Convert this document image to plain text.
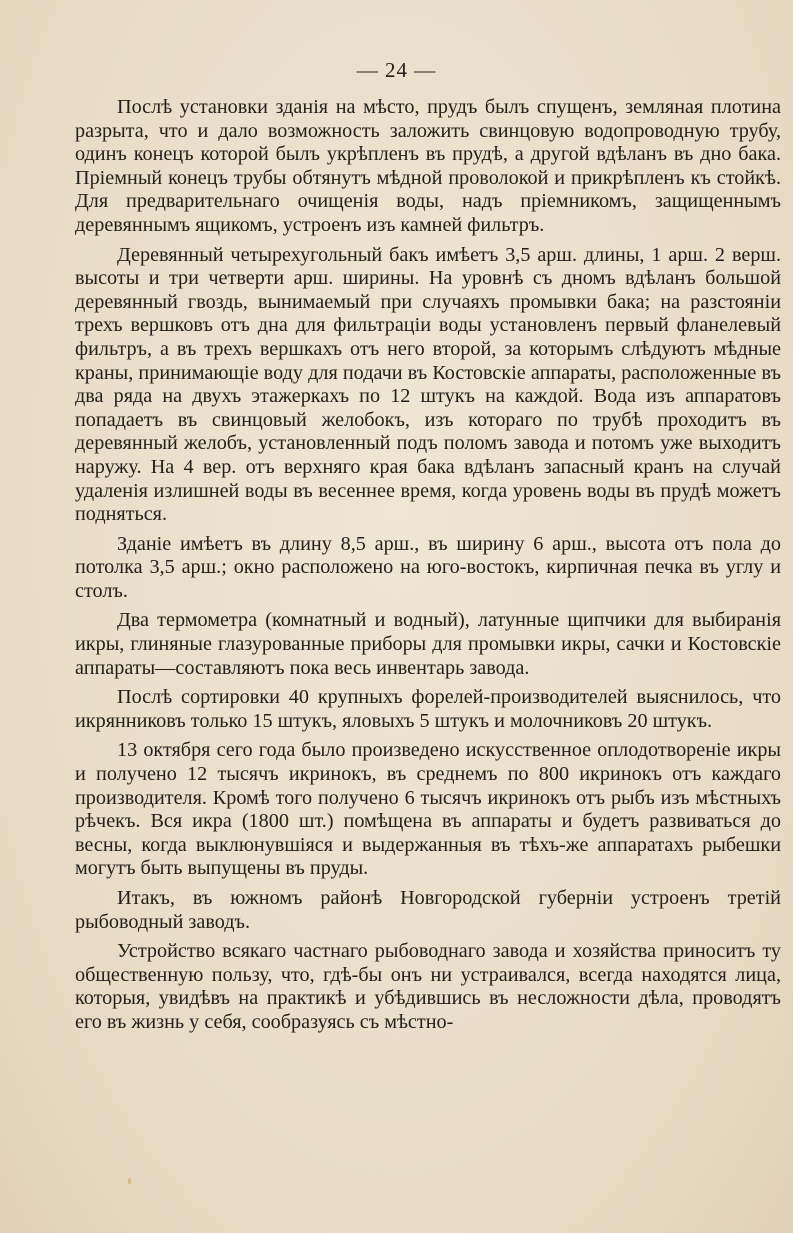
— 24 —

Послѣ установки зданія на мѣсто, прудъ былъ спущенъ, земляная плотина разрыта, что и дало возможность заложить свинцовую водопроводную трубу, одинъ конецъ которой былъ укрѣпленъ въ прудѣ, а другой вдѣланъ въ дно бака. Пріемный конецъ трубы обтянутъ мѣдной проволокой и прикрѣпленъ къ стойкѣ. Для предварительнаго очищенія воды, надъ пріемникомъ, защищеннымъ деревяннымъ ящикомъ, устроенъ изъ камней фильтръ.

Деревянный четырехугольный бакъ имѣетъ 3,5 арш. длины, 1 арш. 2 верш. высоты и три четверти арш. ширины. На уровнѣ съ дномъ вдѣланъ большой деревянный гвоздь, вынимаемый при случаяхъ промывки бака; на разстояніи трехъ вершковъ отъ дна для фильтраціи воды установленъ первый фланелевый фильтръ, а въ трехъ вершкахъ отъ него второй, за которымъ слѣдуютъ мѣдные краны, принимающіе воду для подачи въ Костовскіе аппараты, расположенные въ два ряда на двухъ этажеркахъ по 12 штукъ на каждой. Вода изъ аппаратовъ попадаетъ въ свинцовый желобокъ, изъ котораго по трубѣ проходитъ въ деревянный желобъ, установленный подъ поломъ завода и потомъ уже выходитъ наружу. На 4 вер. отъ верхняго края бака вдѣланъ запасный кранъ на случай удаленія излишней воды въ весеннее время, когда уровень воды въ прудѣ можетъ подняться.

Зданіе имѣетъ въ длину 8,5 арш., въ ширину 6 арш., высота отъ пола до потолка 3,5 арш.; окно расположено на юго-востокъ, кирпичная печка въ углу и столъ.

Два термометра (комнатный и водный), латунные щипчики для выбиранія икры, глиняные глазурованные приборы для промывки икры, сачки и Костовскіе аппараты—составляютъ пока весь инвентарь завода.

Послѣ сортировки 40 крупныхъ форелей-производителей выяснилось, что икрянниковъ только 15 штукъ, яловыхъ 5 штукъ и молочниковъ 20 штукъ.

13 октября сего года было произведено искусственное оплодотвореніе икры и получено 12 тысячъ икринокъ, въ среднемъ по 800 икринокъ отъ каждаго производителя. Кромѣ того получено 6 тысячъ икринокъ отъ рыбъ изъ мѣстныхъ рѣчекъ. Вся икра (1800 шт.) помѣщена въ аппараты и будетъ развиваться до весны, когда выклюнувшіяся и выдержанныя въ тѣхъ-же аппаратахъ рыбешки могутъ быть выпущены въ пруды.

Итакъ, въ южномъ районѣ Новгородской губерніи устроенъ третій рыбоводный заводъ.

Устройство всякаго частнаго рыбоводнаго завода и хозяйства приноситъ ту общественную пользу, что, гдѣ-бы онъ ни устраивался, всегда находятся лица, которыя, увидѣвъ на практикѣ и убѣдившись въ несложности дѣла, проводятъ его въ жизнь у себя, сообразуясь съ мѣстно-
